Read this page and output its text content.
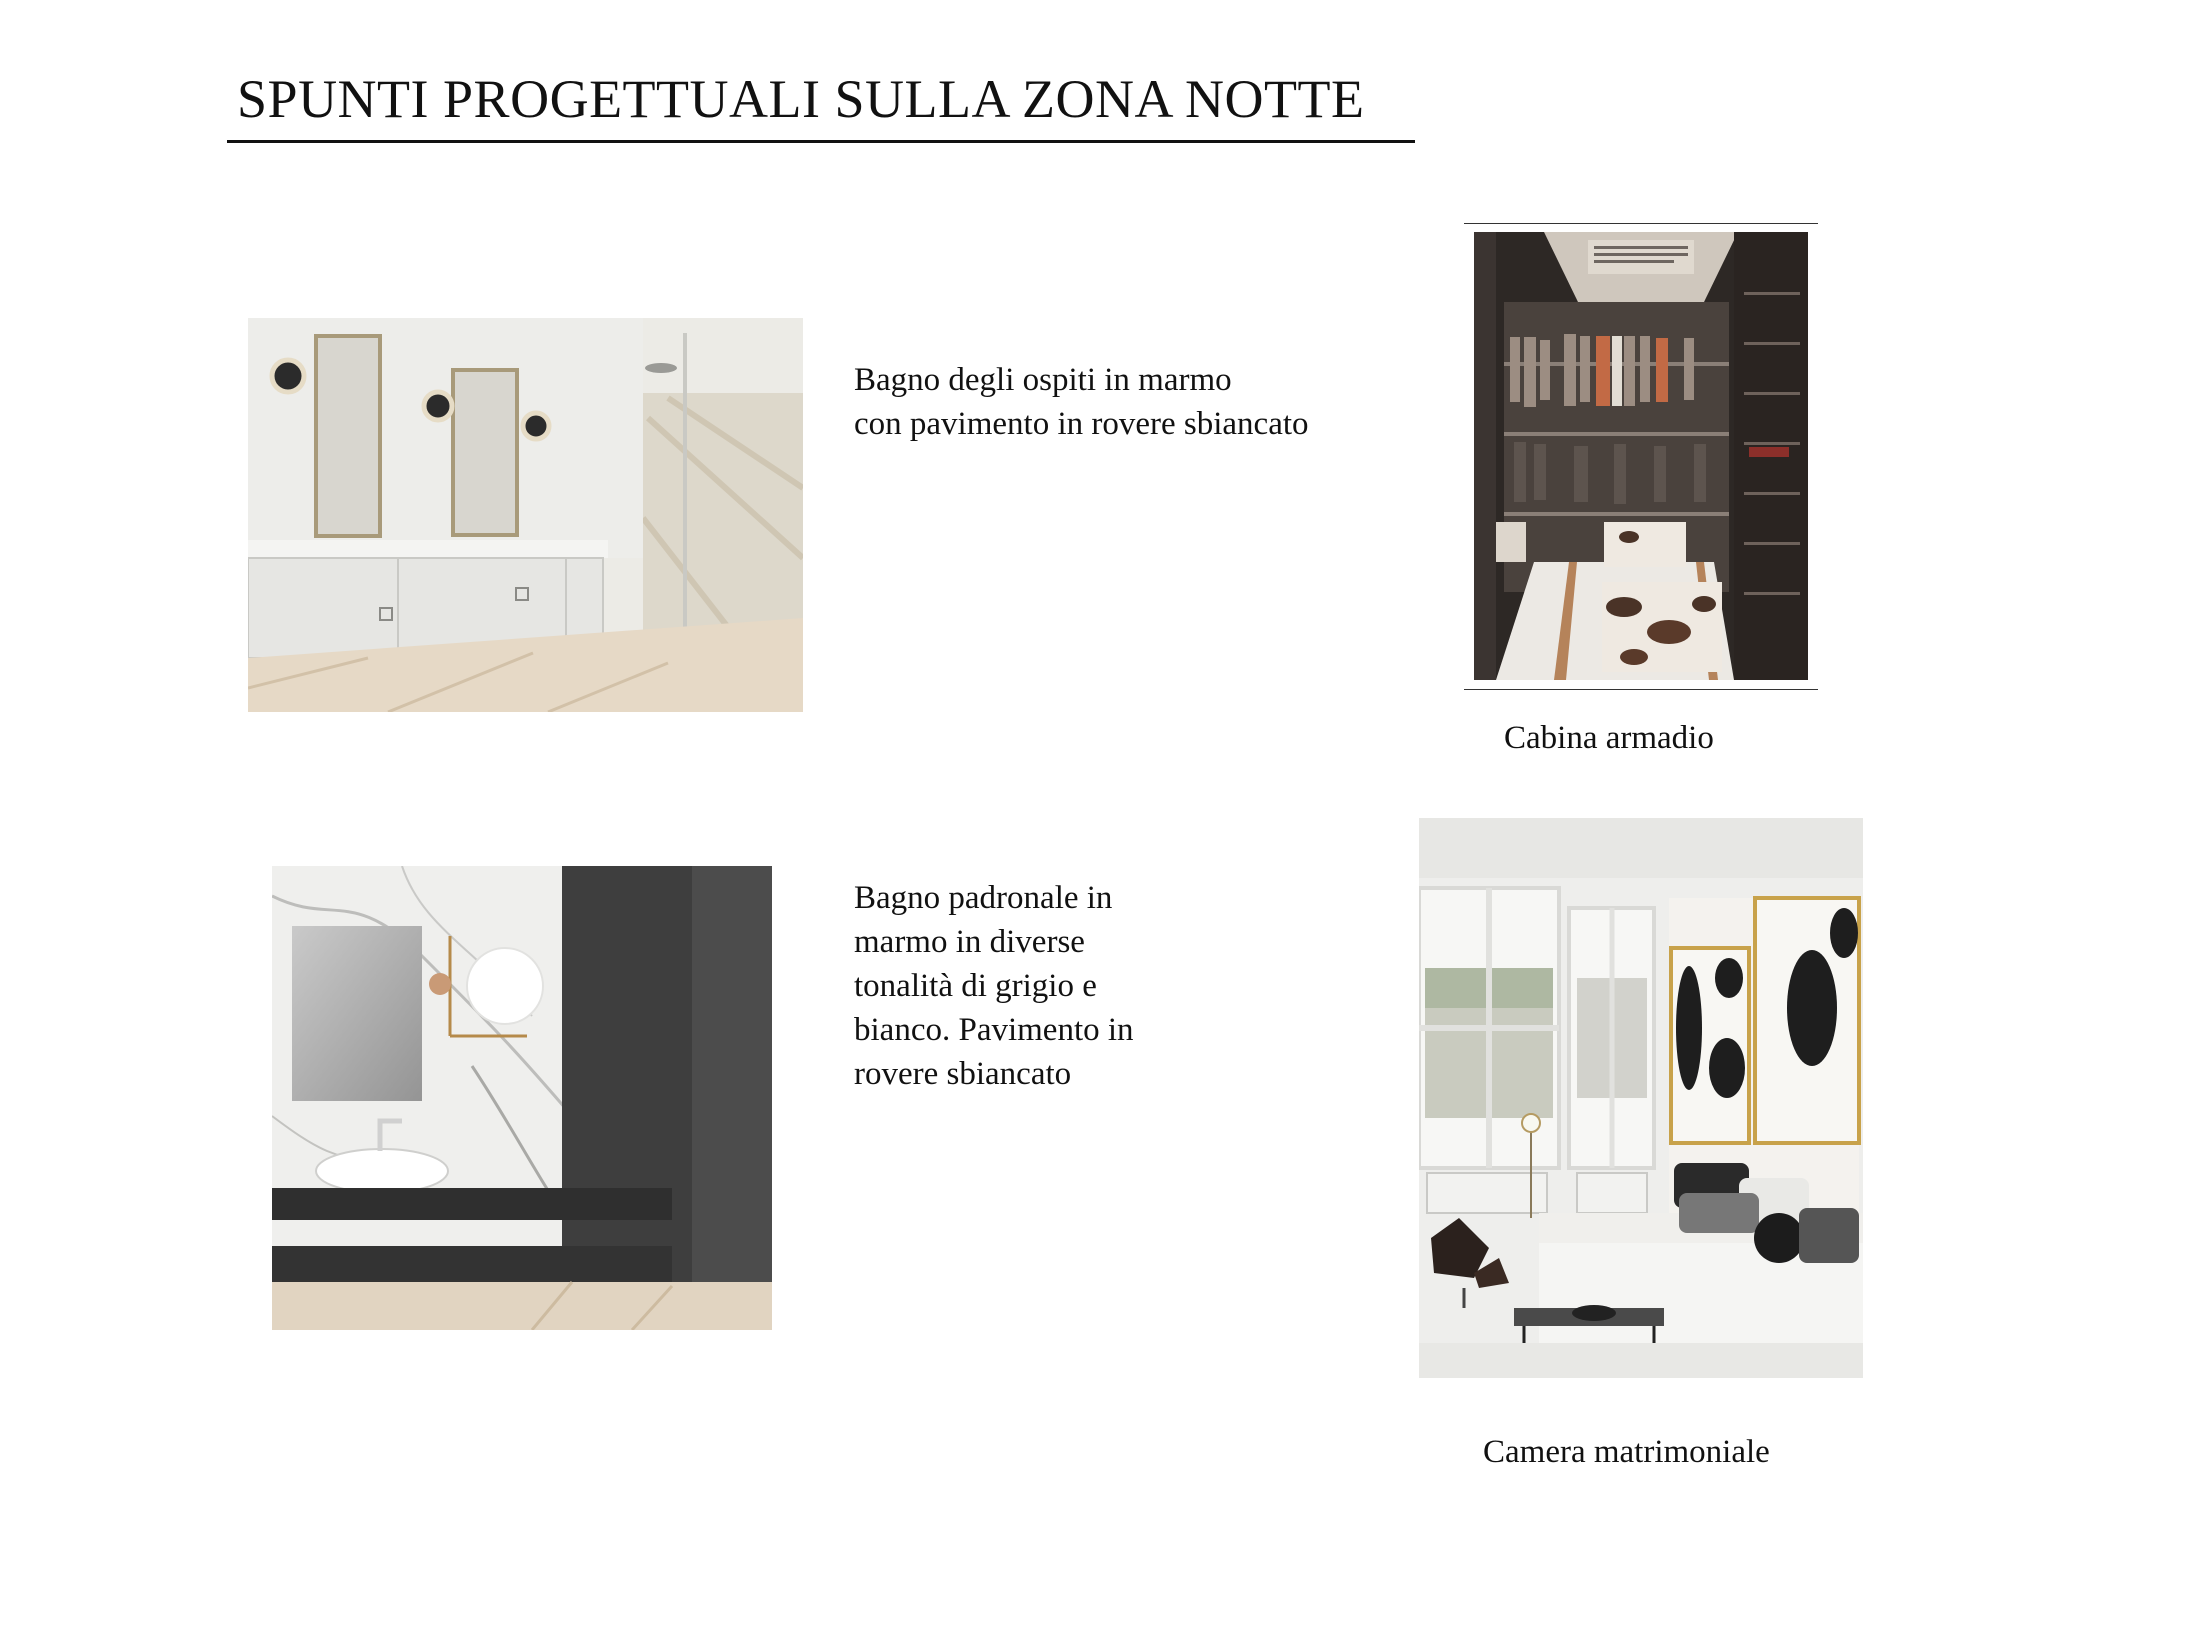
SPUNTI PROGETTUALI SULLA ZONA NOTTE
Bagno degli ospiti in marmo
con pavimento in rovere sbiancato
Cabina armadio
Bagno padronale in
marmo in diverse
tonalità di grigio e
bianco. Pavimento in
rovere sbiancato
Camera matrimoniale
